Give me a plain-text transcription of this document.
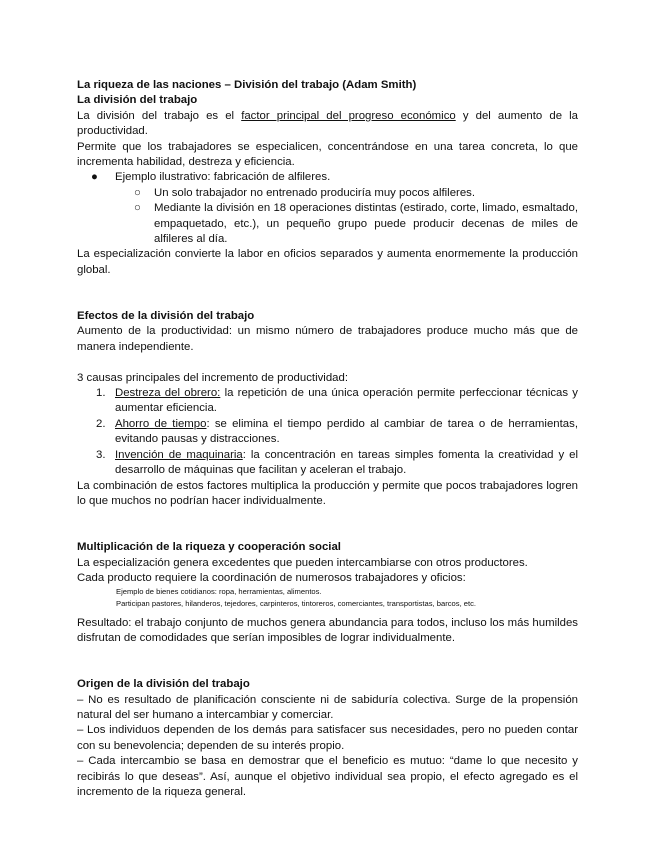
La riqueza de las naciones – División del trabajo (Adam Smith)

La división del trabajo

La división del trabajo es el factor principal del progreso económico y del aumento de la productividad.

Permite que los trabajadores se especialicen, concentrándose en una tarea concreta, lo que incrementa habilidad, destreza y eficiencia.

● Ejemplo ilustrativo: fabricación de alfileres.

○ Un solo trabajador no entrenado produciría muy pocos alfileres.

○ Mediante la división en 18 operaciones distintas (estirado, corte, limado, esmaltado, empaquetado, etc.), un pequeño grupo puede producir decenas de miles de alfileres al día.

La especialización convierte la labor en oficios separados y aumenta enormemente la producción global.

Efectos de la división del trabajo

Aumento de la productividad: un mismo número de trabajadores produce mucho más que de manera independiente.

3 causas principales del incremento de productividad:

1. Destreza del obrero: la repetición de una única operación permite perfeccionar técnicas y aumentar eficiencia.

2. Ahorro de tiempo: se elimina el tiempo perdido al cambiar de tarea o de herramientas, evitando pausas y distracciones.

3. Invención de maquinaria: la concentración en tareas simples fomenta la creatividad y el desarrollo de máquinas que facilitan y aceleran el trabajo.

La combinación de estos factores multiplica la producción y permite que pocos trabajadores logren lo que muchos no podrían hacer individualmente.

Multiplicación de la riqueza y cooperación social

La especialización genera excedentes que pueden intercambiarse con otros productores.

Cada producto requiere la coordinación de numerosos trabajadores y oficios:

Ejemplo de bienes cotidianos: ropa, herramientas, alimentos.

Participan pastores, hilanderos, tejedores, carpinteros, tintoreros, comerciantes, transportistas, barcos, etc.

Resultado: el trabajo conjunto de muchos genera abundancia para todos, incluso los más humildes disfrutan de comodidades que serían imposibles de lograr individualmente.

Origen de la división del trabajo

– No es resultado de planificación consciente ni de sabiduría colectiva. Surge de la propensión natural del ser humano a intercambiar y comerciar.

– Los individuos dependen de los demás para satisfacer sus necesidades, pero no pueden contar con su benevolencia; dependen de su interés propio.

– Cada intercambio se basa en demostrar que el beneficio es mutuo: “dame lo que necesito y recibirás lo que deseas”. Así, aunque el objetivo individual sea propio, el efecto agregado es el incremento de la riqueza general.
